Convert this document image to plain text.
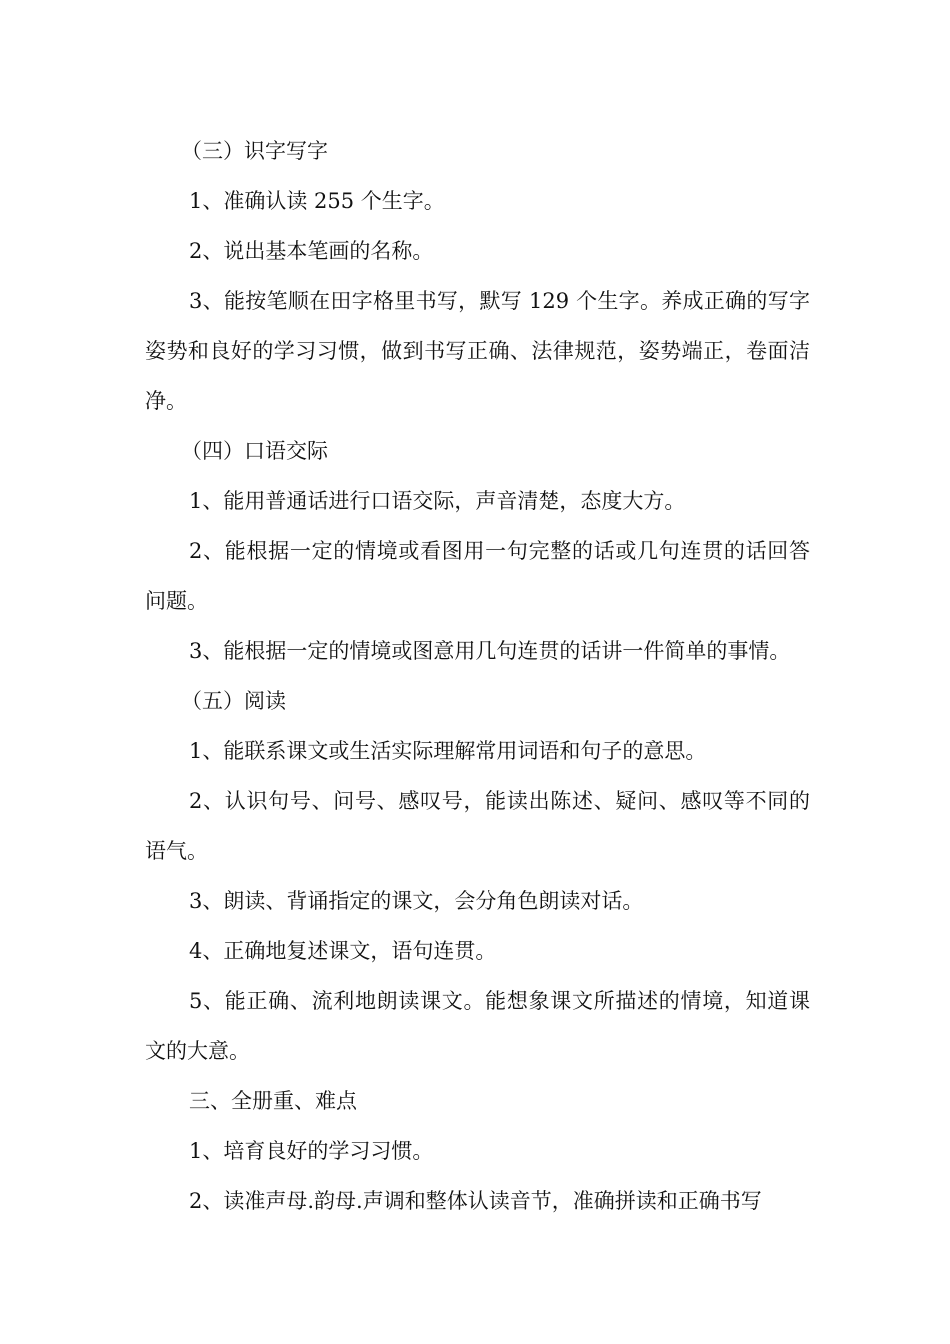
（三）识字写字

1、准确认读 255 个生字。

2、说出基本笔画的名称。

3、能按笔顺在田字格里书写，默写 129 个生字。养成正确的写字姿势和良好的学习习惯，做到书写正确、法律规范，姿势端正，卷面洁净。

（四）口语交际

1、能用普通话进行口语交际，声音清楚，态度大方。

2、能根据一定的情境或看图用一句完整的话或几句连贯的话回答问题。

3、能根据一定的情境或图意用几句连贯的话讲一件简单的事情。

（五）阅读

1、能联系课文或生活实际理解常用词语和句子的意思。

2、认识句号、问号、感叹号，能读出陈述、疑问、感叹等不同的语气。

3、朗读、背诵指定的课文，会分角色朗读对话。

4、正确地复述课文，语句连贯。

5、能正确、流利地朗读课文。能想象课文所描述的情境，知道课文的大意。

三、全册重、难点

1、培育良好的学习习惯。

2、读准声母.韵母.声调和整体认读音节，准确拼读和正确书写
